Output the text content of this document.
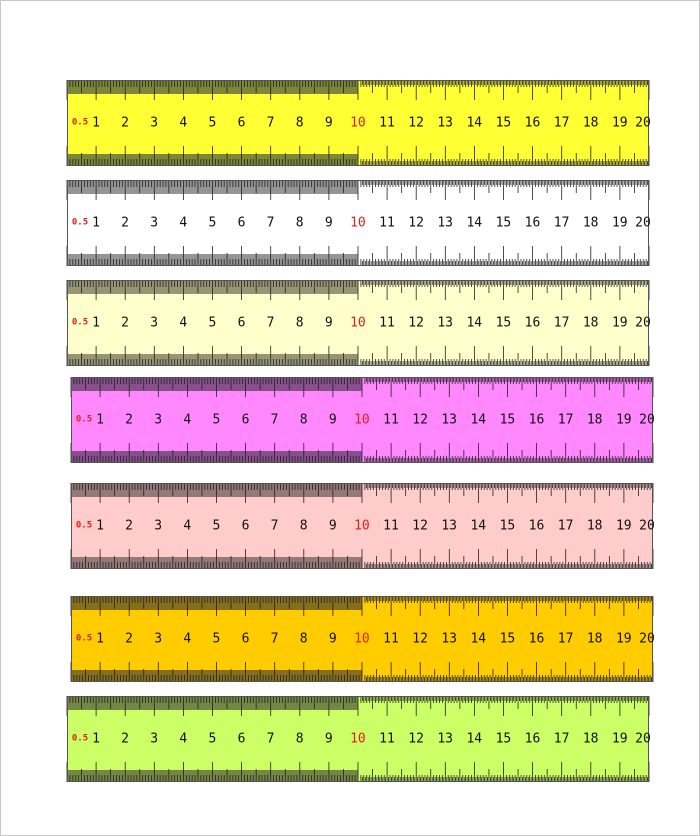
0.5 1 2 3 4 5 6 7 8 9 10 11 12 13 14 15 16 17 18 19 20
0.5 1 2 3 4 5 6 7 8 9 10 11 12 13 14 15 16 17 18 19 20
0.5 1 2 3 4 5 6 7 8 9 10 11 12 13 14 15 16 17 18 19 20
0.5 1 2 3 4 5 6 7 8 9 10 11 12 13 14 15 16 17 18 19 20
0.5 1 2 3 4 5 6 7 8 9 10 11 12 13 14 15 16 17 18 19 20
0.5 1 2 3 4 5 6 7 8 9 10 11 12 13 14 15 16 17 18 19 20
0.5 1 2 3 4 5 6 7 8 9 10 11 12 13 14 15 16 17 18 19 20
